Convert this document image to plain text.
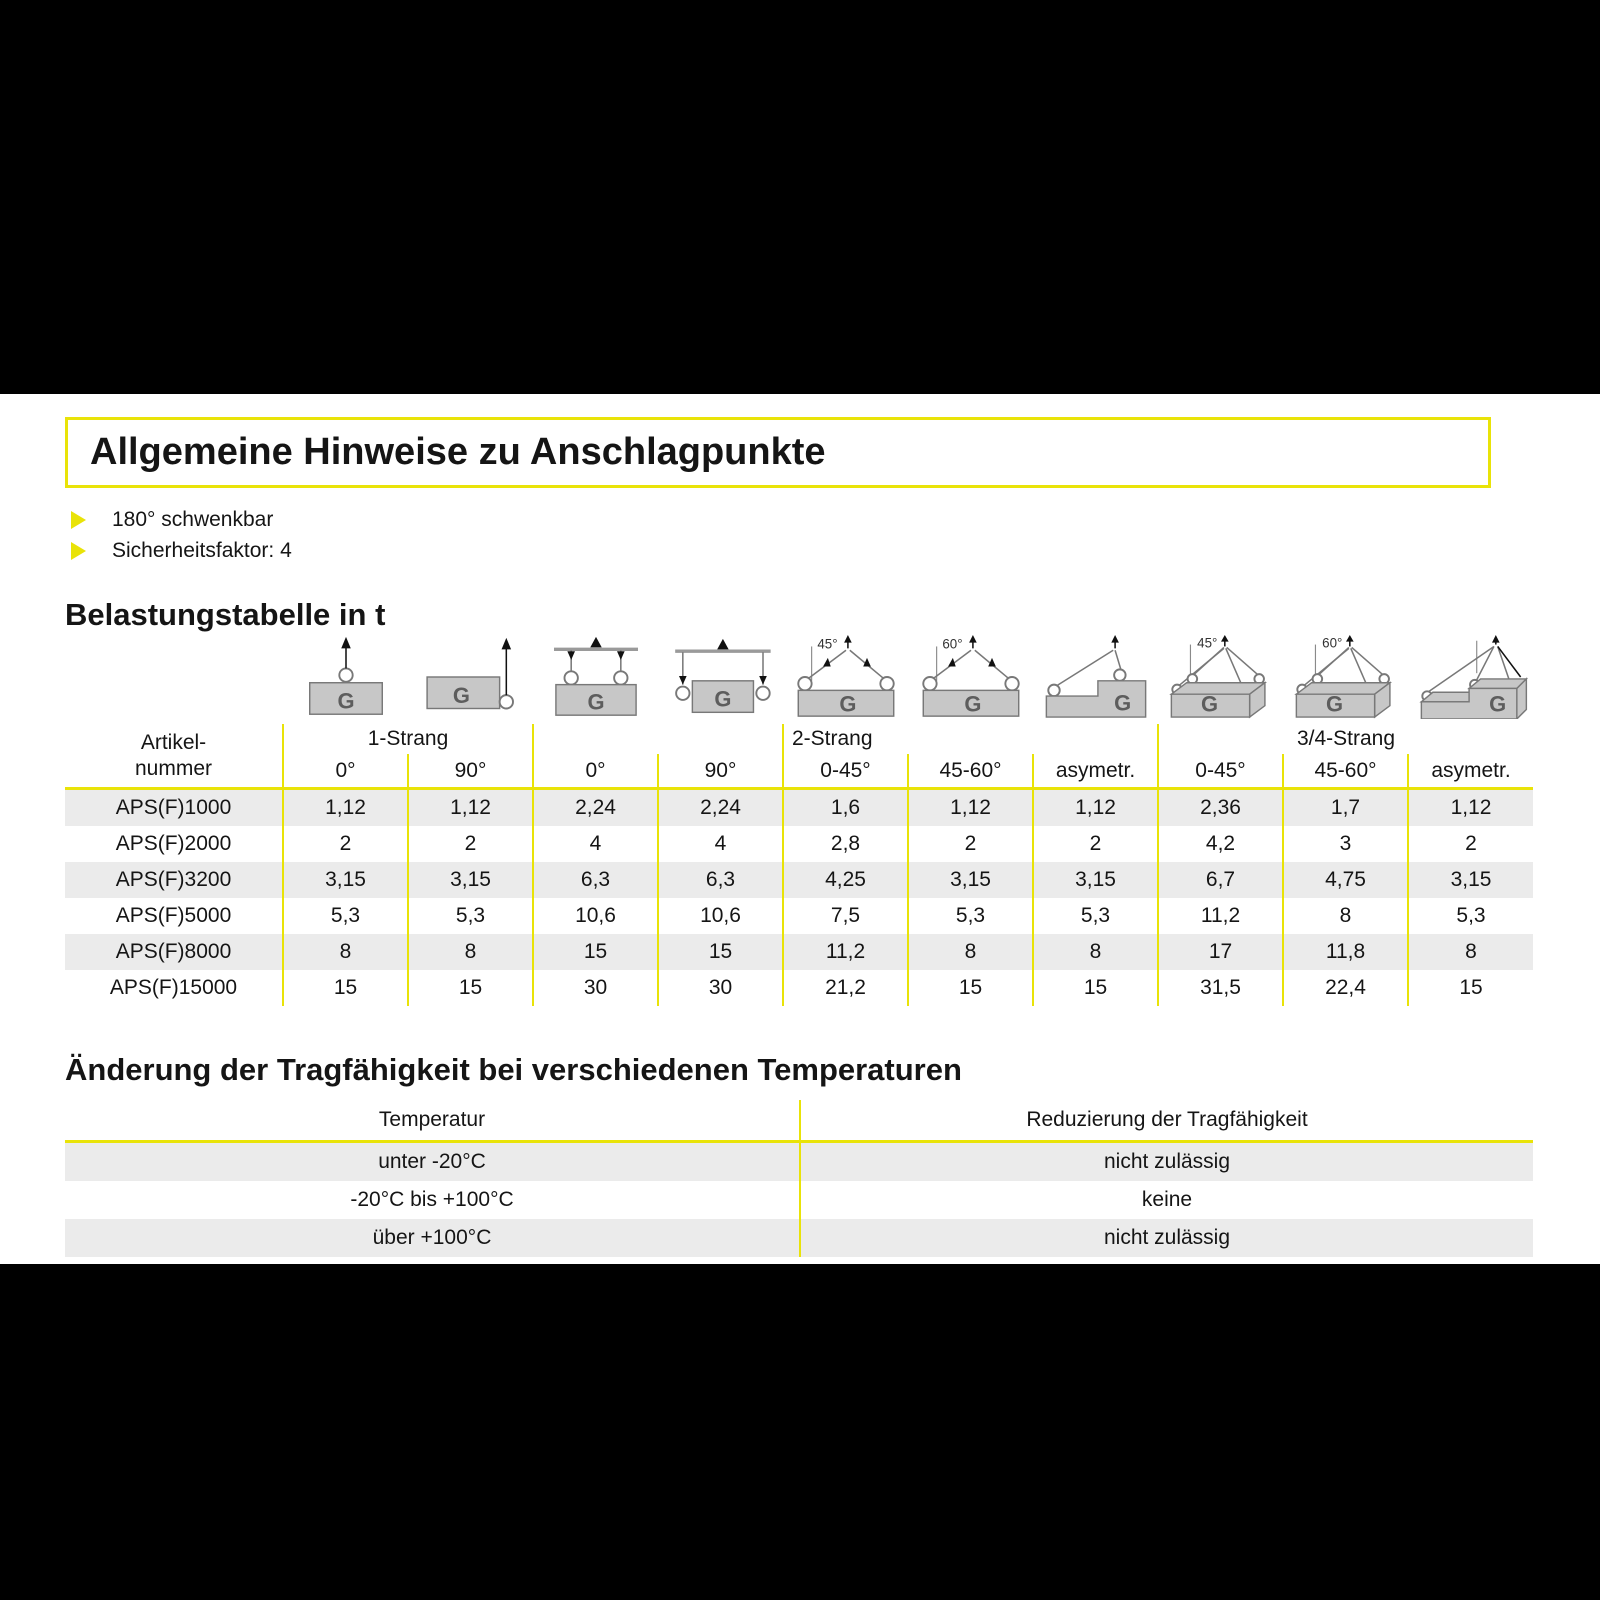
Allgemeine Hinweise zu Anschlagpunkte
180° schwenkbar
Sicherheitsfaktor: 4
Belastungstabelle in t

G	G	G	G	45°
G	60°
G	G	45°
G	60°
G	G

Artikel-
nummer	1-Strang				2-Strang			3/4-Strang		
	0°	90°	0°	90°	0-45°	45-60°	asymetr.	0-45°	45-60°	asymetr.
APS(F)1000	1,12	1,12	2,24	2,24	1,6	1,12	1,12	2,36	1,7	1,12
APS(F)2000	2	2	4	4	2,8	2	2	4,2	3	2
APS(F)3200	3,15	3,15	6,3	6,3	4,25	3,15	3,15	6,7	4,75	3,15
APS(F)5000	5,3	5,3	10,6	10,6	7,5	5,3	5,3	11,2	8	5,3
APS(F)8000	8	8	15	15	11,2	8	8	17	11,8	8
APS(F)15000	15	15	30	30	21,2	15	15	31,5	22,4	15
Änderung der Tragfähigkeit bei verschiedenen Temperaturen
Temperatur	Reduzierung der Tragfähigkeit
unter -20°C	nicht zulässig
-20°C bis +100°C	keine
über +100°C	nicht zulässig
